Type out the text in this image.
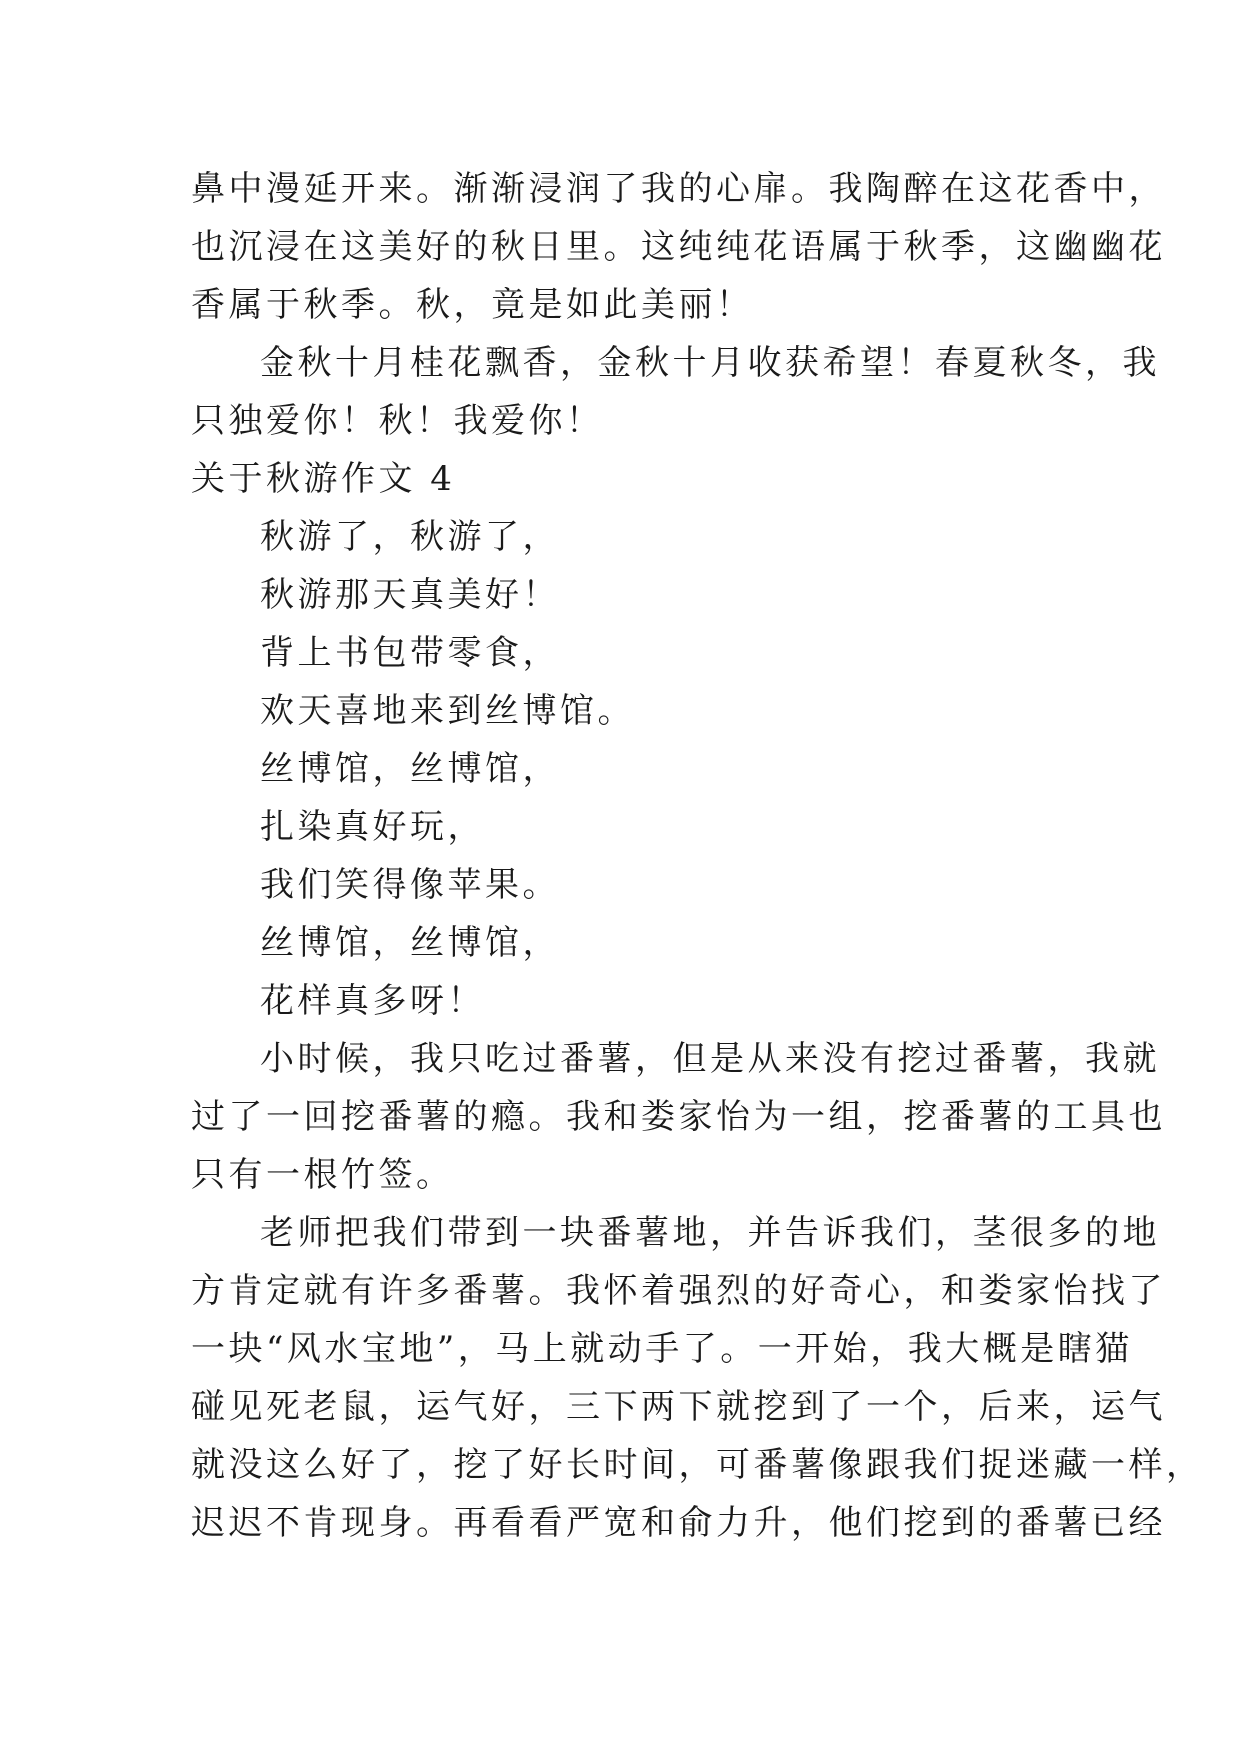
鼻中漫延开来。渐渐浸润了我的心扉。我陶醉在这花香中，
也沉浸在这美好的秋日里。这纯纯花语属于秋季，这幽幽花
香属于秋季。秋，竟是如此美丽！
金秋十月桂花飘香，金秋十月收获希望！春夏秋冬，我
只独爱你！秋！我爱你！
关于秋游作文 4
秋游了，秋游了，
秋游那天真美好！
背上书包带零食，
欢天喜地来到丝博馆。
丝博馆，丝博馆，
扎染真好玩，
我们笑得像苹果。
丝博馆，丝博馆，
花样真多呀！
小时候，我只吃过番薯，但是从来没有挖过番薯，我就
过了一回挖番薯的瘾。我和娄家怡为一组，挖番薯的工具也
只有一根竹签。
老师把我们带到一块番薯地，并告诉我们，茎很多的地
方肯定就有许多番薯。我怀着强烈的好奇心，和娄家怡找了
一块“风水宝地”，马上就动手了。一开始，我大概是瞎猫
碰见死老鼠，运气好，三下两下就挖到了一个，后来，运气
就没这么好了，挖了好长时间，可番薯像跟我们捉迷藏一样，
迟迟不肯现身。再看看严宽和俞力升，他们挖到的番薯已经
